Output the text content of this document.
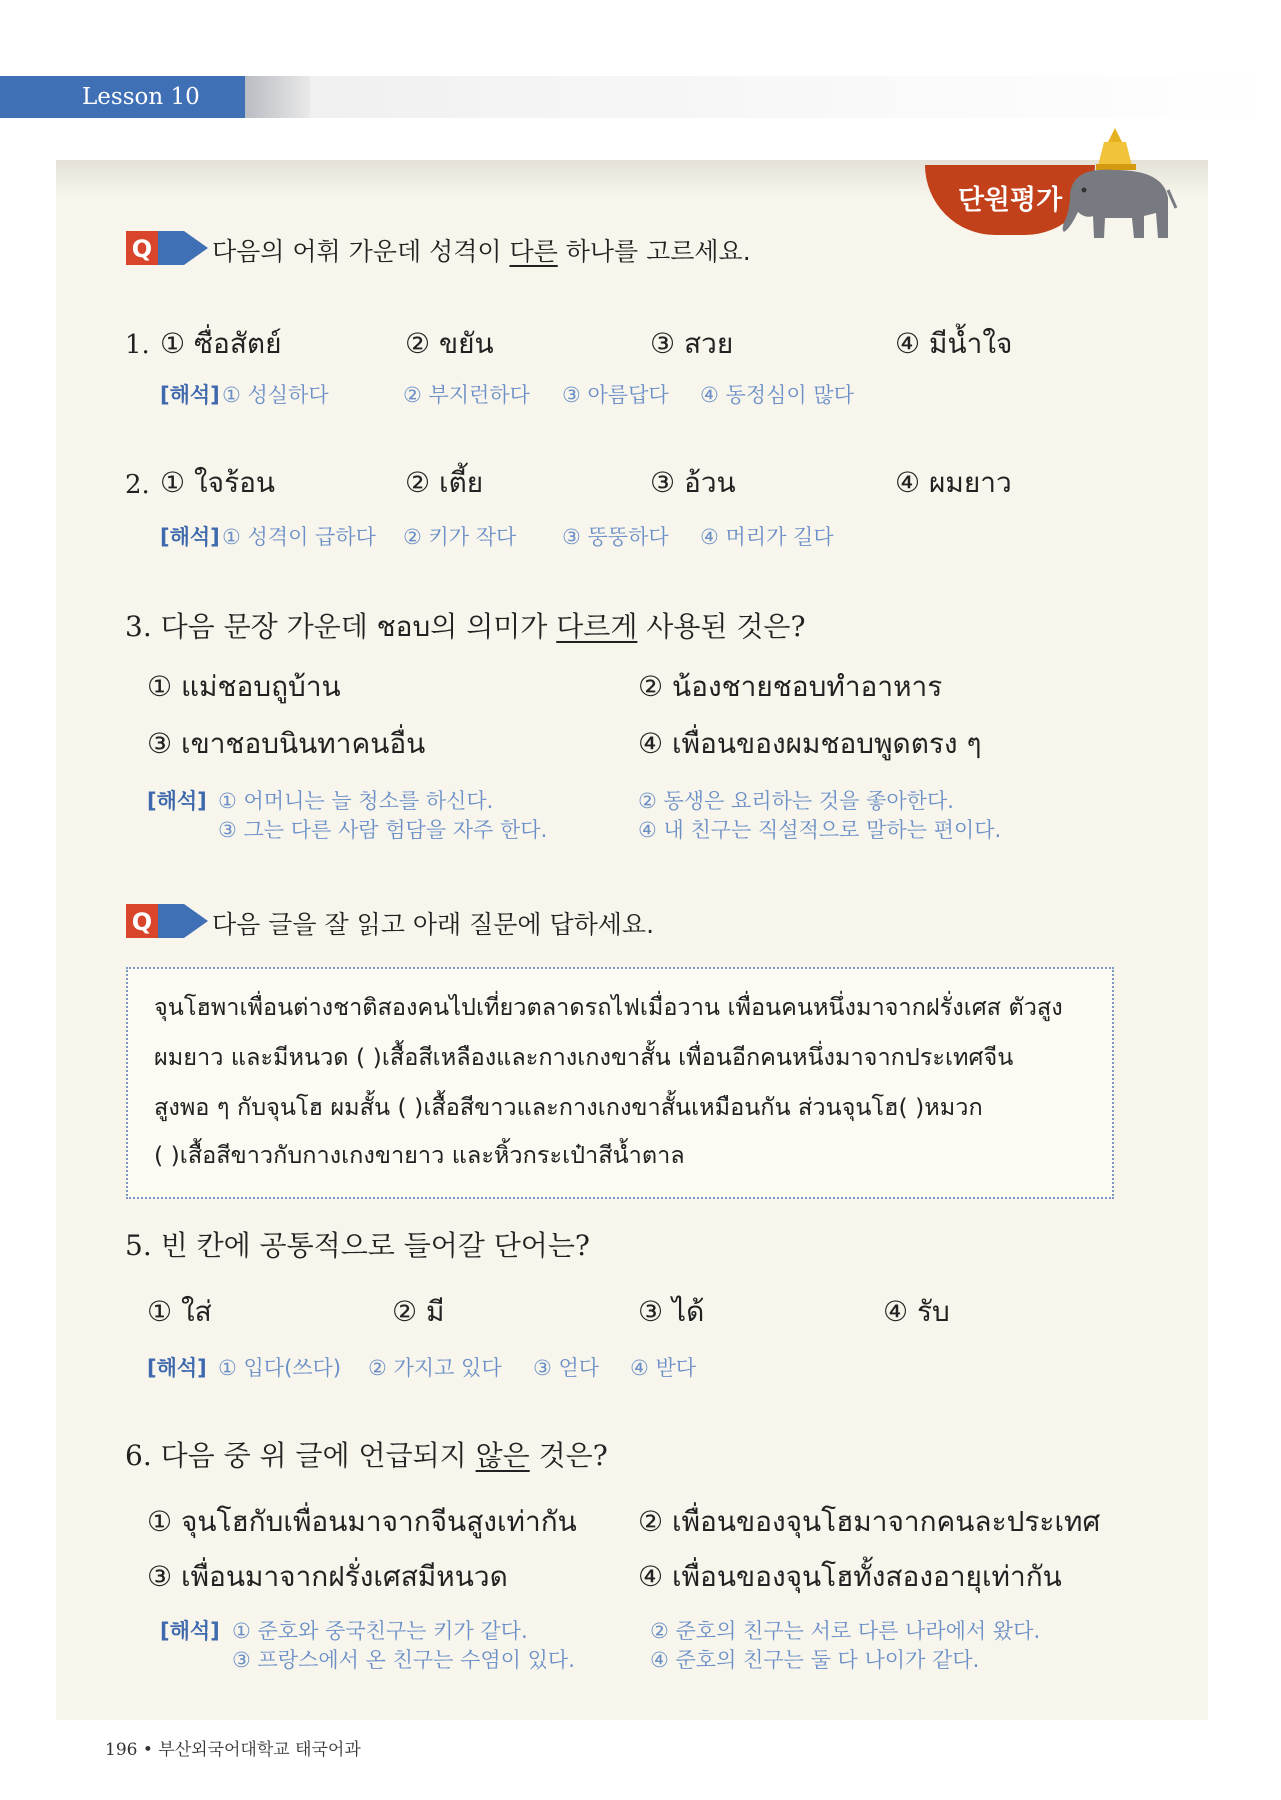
Lesson 10
단원평가
Q 다음의 어휘 가운데 성격이 다른 하나를 고르세요.
1. ① ซื่อสัตย์	② ขยัน	③ สวย	④ มีน้ำใจ
[해석] ① 성실하다	② 부지런하다 ③ 아름답다 ④ 동정심이 많다
2. ① ใจร้อน	② เตี้ย	③ อ้วน	④ ผมยาว
[해석] ① 성격이 급하다 ② 키가 작다 ③ 뚱뚱하다 ④ 머리가 길다
3. 다음 문장 가운데 ชอบ의 의미가 다르게 사용된 것은?
① แม่ชอบถูบ้าน	② น้องชายชอบทำอาหาร
③ เขาชอบนินทาคนอื่น	④ เพื่อนของผมชอบพูดตรง ๆ
[해석] ① 어머니는 늘 청소를 하신다.	② 동생은 요리하는 것을 좋아한다.
③ 그는 다른 사람 험담을 자주 한다.	④ 내 친구는 직설적으로 말하는 편이다.
Q 다음 글을 잘 읽고 아래 질문에 답하세요.
จุนโฮพาเพื่อนต่างชาติสองคนไปเที่ยวตลาดรถไฟเมื่อวาน เพื่อนคนหนึ่งมาจากฝรั่งเศส ตัวสูง
ผมยาว และมีหนวด ( )เสื้อสีเหลืองและกางเกงขาสั้น เพื่อนอีกคนหนึ่งมาจากประเทศจีน
สูงพอ ๆ กับจุนโฮ ผมสั้น ( )เสื้อสีขาวและกางเกงขาสั้นเหมือนกัน ส่วนจุนโฮ( )หมวก
( )เสื้อสีขาวกับกางเกงขายาว และหิ้วกระเป๋าสีน้ำตาล
5. 빈 칸에 공통적으로 들어갈 단어는?
① ใส่	② มี	③ ได้	④ รับ
[해석] ① 입다(쓰다) ② 가지고 있다 ③ 얻다 ④ 받다
6. 다음 중 위 글에 언급되지 않은 것은?
① จุนโฮกับเพื่อนมาจากจีนสูงเท่ากัน ② เพื่อนของจุนโฮมาจากคนละประเทศ
③ เพื่อนมาจากฝรั่งเศสมีหนวด	④ เพื่อนของจุนโฮทั้งสองอายุเท่ากัน
[해석] ① 준호와 중국친구는 키가 같다.	② 준호의 친구는 서로 다른 나라에서 왔다.
③ 프랑스에서 온 친구는 수염이 있다.	④ 준호의 친구는 둘 다 나이가 같다.
196 • 부산외국어대학교 태국어과
